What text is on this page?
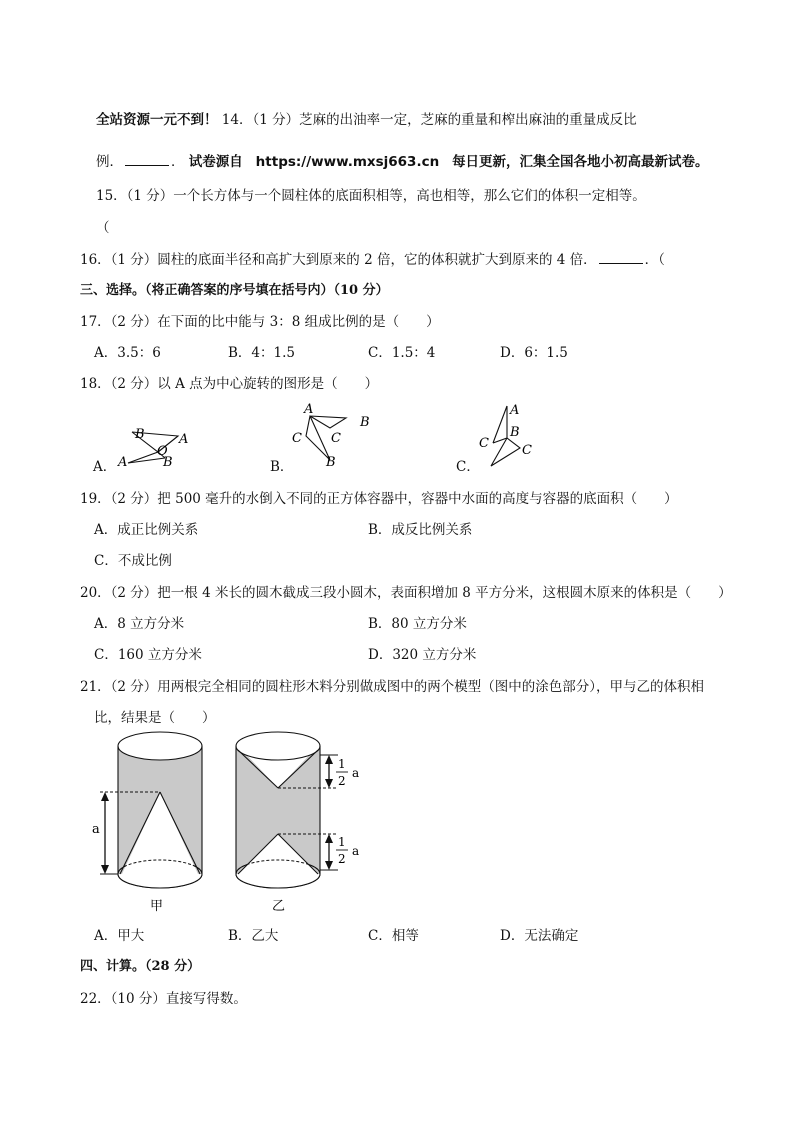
全站资源一元不到！ 14．（1 分）芝麻的出油率一定，芝麻的重量和榨出麻油的重量成反比
例．	． 试卷源自 https://www.mxsj663.cn 每日更新，汇集全国各地小初高最新试卷。
15．（1 分）一个长方体与一个圆柱体的底面积相等，高也相等，那么它们的体积一定相等。
（
16．（1 分）圆柱的底面半径和高扩大到原来的 2 倍，它的体积就扩大到原来的 4 倍．	．（
三、选择。（将正确答案的序号填在括号内）（10 分）
17．（2 分）在下面的比中能与 3：8 组成比例的是（　　）
A．3.5：6	B．4：1.5	C．1.5：4	D．6：1.5
18．（2 分）以 A 点为中心旋转的图形是（　　）
A．	B．	C．
B	A
O
A	B
A
B
C C
B
A
B
C	C
19．（2 分）把 500 毫升的水倒入不同的正方体容器中，容器中水面的高度与容器的底面积（　　）
A．成正比例关系	B．成反比例关系
C．不成比例
20．（2 分）把一根 4 米长的圆木截成三段小圆木，表面积增加 8 平方分米，这根圆木原来的体积是（　　）
A．8 立方分米	B．80 立方分米
C．160 立方分米	D．320 立方分米
21．（2 分）用两根完全相同的圆柱形木料分别做成图中的两个模型（图中的涂色部分），甲与乙的体积相
比，结果是（　　）
a
1
2
a
1
2
a
甲	乙
A．甲大	B．乙大	C．相等	D．无法确定
四、计算。（28 分）
22．（10 分）直接写得数。
